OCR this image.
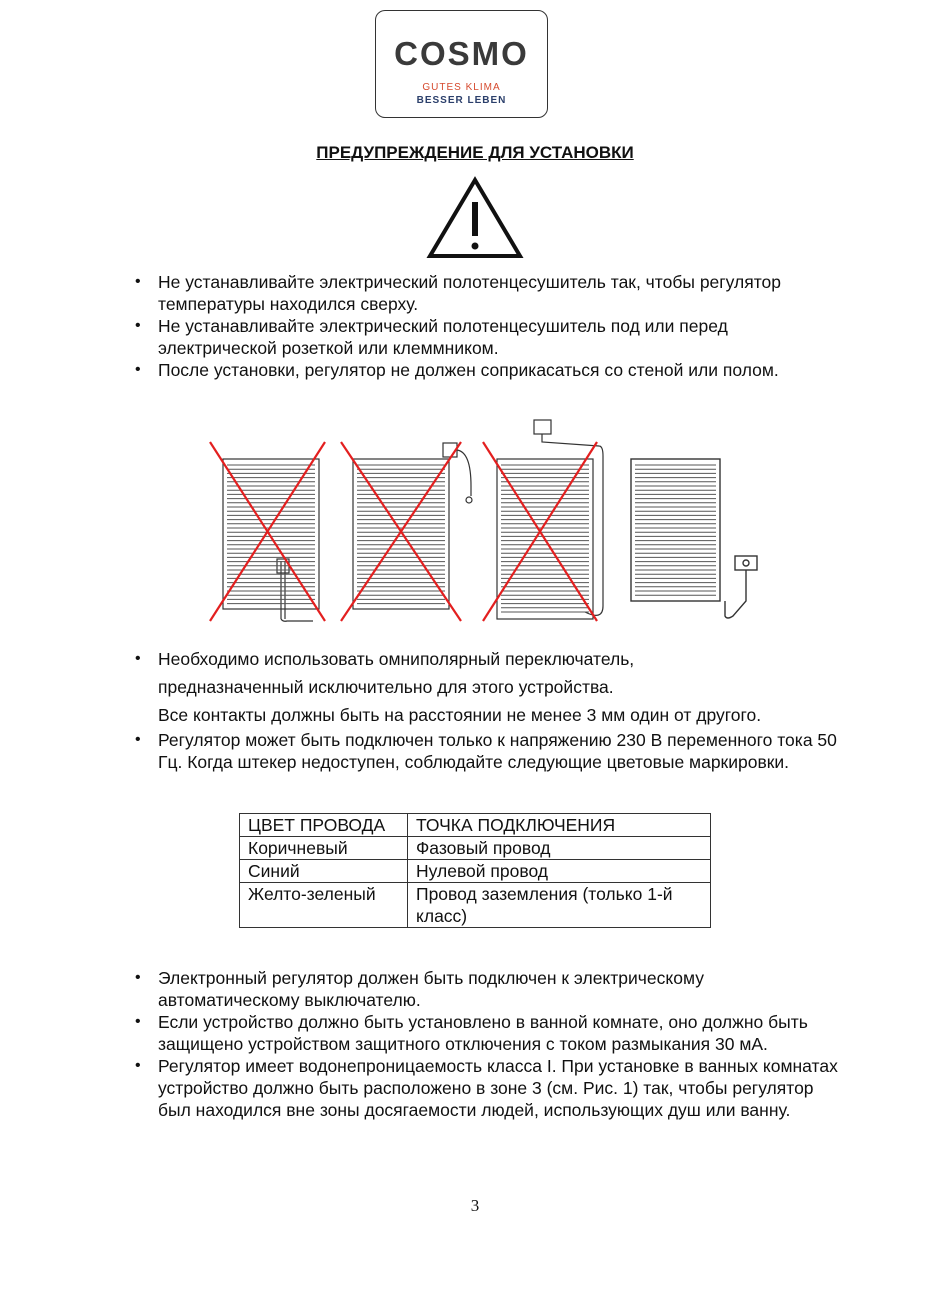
COSMO
GUTES KLIMA
BESSER LEBEN
ПРЕДУПРЕЖДЕНИЕ ДЛЯ УСТАНОВКИ
• Не устанавливайте электрический полотенцесушитель так, чтобы регулятор температуры находился сверху.
• Не устанавливайте электрический полотенцесушитель под или перед электрической розеткой или клеммником.
• После установки, регулятор не должен соприкасаться со стеной или полом.
• Необходимо использовать омниполярный переключатель,
предназначенный исключительно для этого устройства.
Все контакты должны быть на расстоянии не менее 3 мм один от другого.
• Регулятор может быть подключен только к напряжению 230 В переменного тока 50 Гц. Когда штекер недоступен, соблюдайте следующие цветовые маркировки.
ЦВЕТ ПРОВОДА	ТОЧКА ПОДКЛЮЧЕНИЯ
Коричневый	Фазовый провод
Синий	Нулевой провод
Желто-зеленый	Провод заземления (только 1-й класс)
• Электронный регулятор должен быть подключен к электрическому автоматическому выключателю.
• Если устройство должно быть установлено в ванной комнате, оно должно быть защищено устройством защитного отключения с током размыкания 30 мА.
• Регулятор имеет водонепроницаемость класса I. При установке в ванных комнатах устройство должно быть расположено в зоне 3 (см. Рис. 1) так, чтобы регулятор был находился вне зоны досягаемости людей, использующих душ или ванну.
3
